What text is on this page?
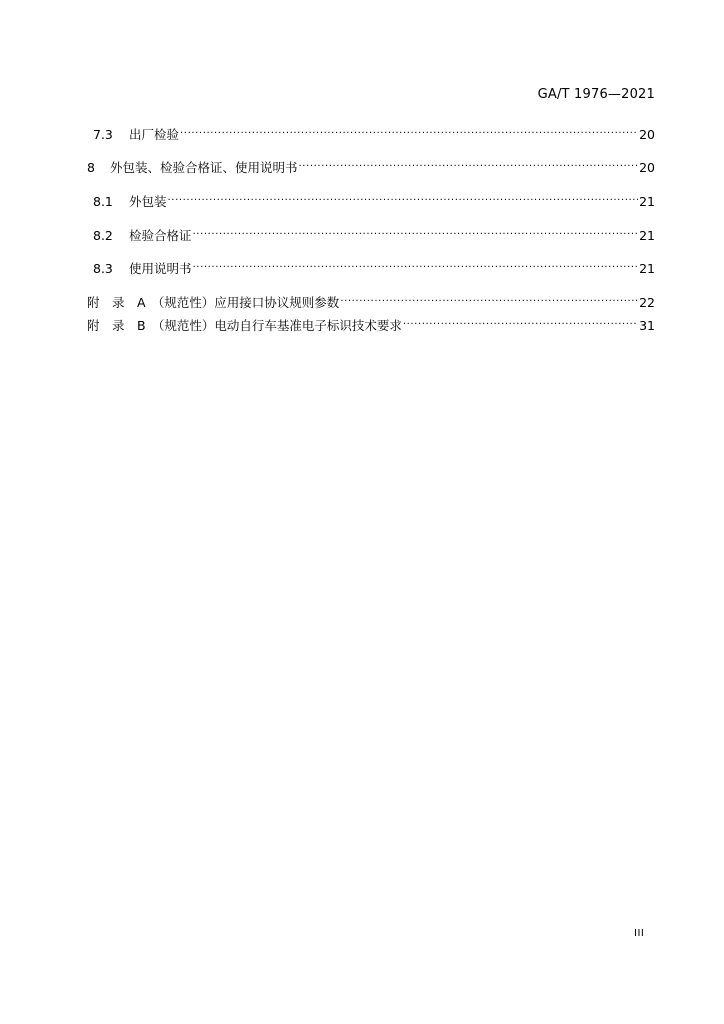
GA/T 1976—2021
7.3	出厂检验 .....	20
8	外包装、检验合格证、使用说明书 .....	20
8.1	外包装 .....	21
8.2	检验合格证 .....	21
8.3	使用说明书 .....	21
附　录　A　（规范性）应用接口协议规则参数 .....	22
附　录　B　（规范性）电动自行车基准电子标识技术要求 .....	31
III
